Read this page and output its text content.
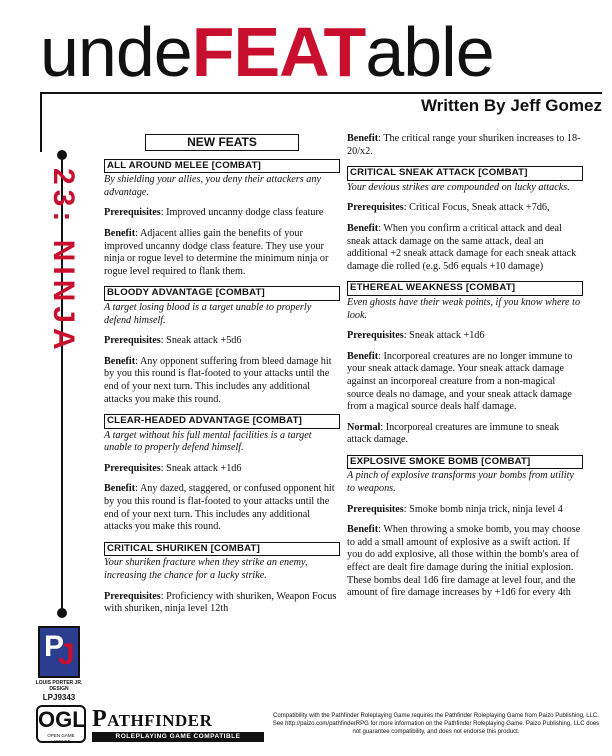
undeFEATable
Written By Jeff Gomez
23: NINJA
NEW FEATS
ALL AROUND MELEE [COMBAT]
By shielding your allies, you deny their attackers any advantage.
Prerequisites: Improved uncanny dodge class feature
Benefit: Adjacent allies gain the benefits of your improved uncanny dodge class feature. They use your ninja or rogue level to determine the minimum ninja or rogue level required to flank them.
BLOODY ADVANTAGE [COMBAT]
A target losing blood is a target unable to properly defend himself.
Prerequisites: Sneak attack +5d6
Benefit: Any opponent suffering from bleed damage hit by you this round is flat-footed to your attacks until the end of your next turn. This includes any additional attacks you make this round.
CLEAR-HEADED ADVANTAGE [COMBAT]
A target without his full mental facilities is a target unable to properly defend himself.
Prerequisites: Sneak attack +1d6
Benefit: Any dazed, staggered, or confused opponent hit by you this round is flat-footed to your attacks until the end of your next turn. This includes any additional attacks you make this round.
CRITICAL SHURIKEN [COMBAT]
Your shuriken fracture when they strike an enemy, increasing the chance for a lucky strike.
Prerequisites: Proficiency with shuriken, Weapon Focus with shuriken, ninja level 12th
Benefit: The critical range your shuriken increases to 18-20/x2.
CRITICAL SNEAK ATTACK [COMBAT]
Your devious strikes are compounded on lucky attacks.
Prerequisites: Critical Focus, Sneak attack +7d6,
Benefit: When you confirm a critical attack and deal sneak attack damage on the same attack, deal an additional +2 sneak attack damage for each sneak attack damage die rolled (e.g. 5d6 equals +10 damage)
ETHEREAL WEAKNESS [COMBAT]
Even ghosts have their weak points, if you know where to look.
Prerequisites: Sneak attack +1d6
Benefit: Incorporeal creatures are no longer immune to your sneak attack damage. Your sneak attack damage against an incorporeal creature from a non-magical source deals no damage, and your sneak attack damage from a magical source deals half damage.
Normal: Incorporeal creatures are immune to sneak attack damage.
EXPLOSIVE SMOKE BOMB [COMBAT]
A pinch of explosive transforms your bombs from utility to weapons.
Prerequisites: Smoke bomb ninja trick, ninja level 4
Benefit: When throwing a smoke bomb, you may choose to add a small amount of explosive as a swift action. If you do add explosive, all those within the bomb's area of effect are dealt fire damage during the initial explosion. These bombs deal 1d6 fire damage at level four, and the amount of fire damage increases by +1d6 for every 4th
P
J
LOUIS PORTER JR. DESIGN
LPJ9343
OGL
OPEN GAME LICENSE
Pathfinder
ROLEPLAYING GAME COMPATIBLE
Compatibility with the Pathfinder Roleplaying Game requires the Pathfinder Roleplaying Game from Paizo Publishing, LLC. See http://paizo.com/pathfinderRPG for more information on the Pathfinder Roleplaying Game. Paizo Publishing, LLC does not guarantee compatibility, and does not endorse this product.
